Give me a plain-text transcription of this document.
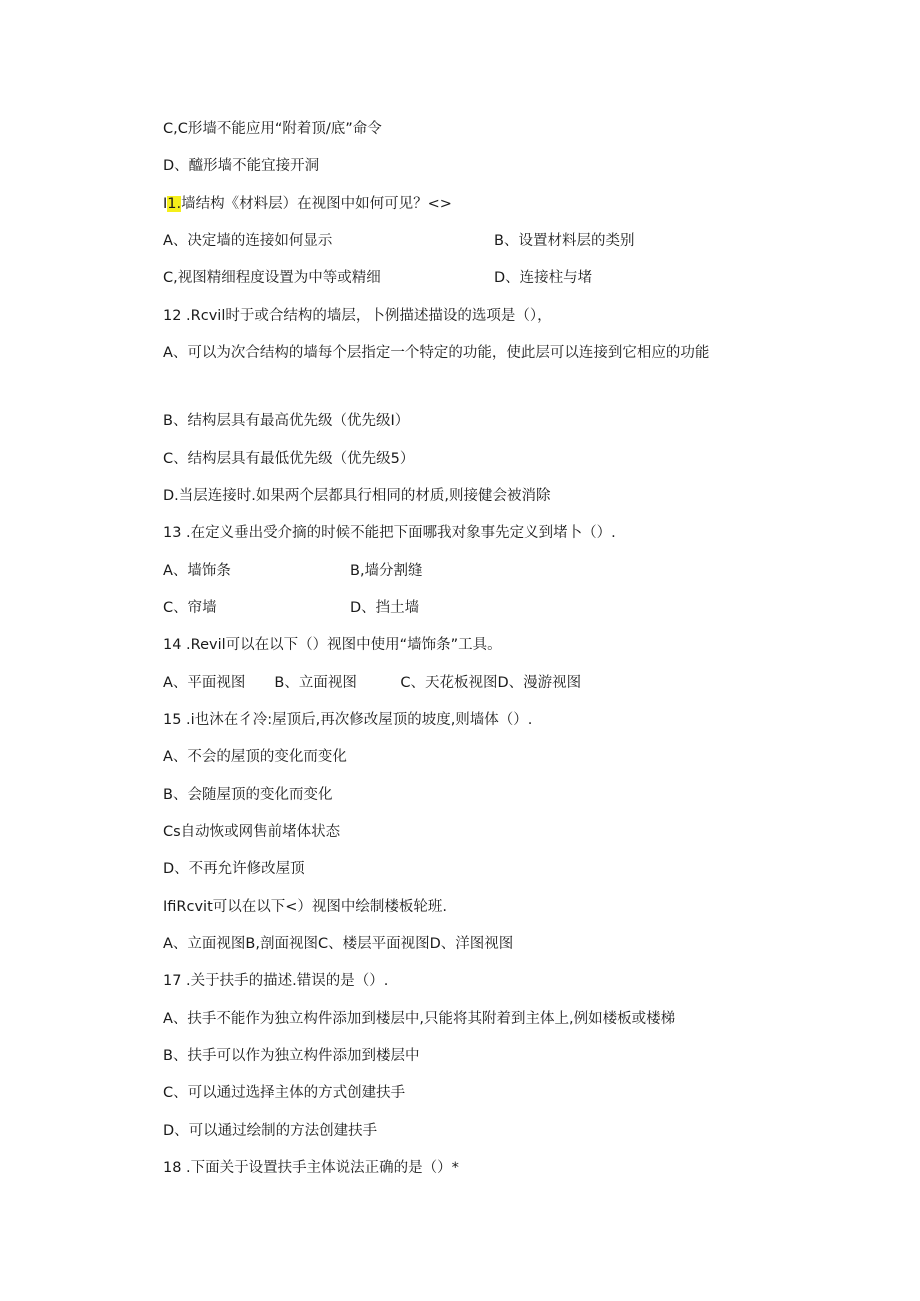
C,C形墙不能应用“附着顶/底”命令
D、醯形墙不能宜接开洞
I1.墙结构《材料层）在视图中如何可见？<>
A、决定墙的连接如何显示	B、设置材料层的类别
C,视图精细程度设置为中等或精细	D、连接柱与堵
12 .Rcvil时于或合结构的墙层，卜例描述描设的选项是（），
A、可以为次合结构的墙每个层指定一个特定的功能，使此层可以连接到它相应的功能
B、结构层具有最高优先级（优先级I）
C、结构层具有最低优先级（优先级5）
D.当层连接时.如果两个层都具行相同的材质,则接健会被消除
13 .在定义垂出受介摘的时候不能把下面哪我对象事先定义到堵卜（）.
A、墙饰条	B,墙分割缝
C、帘墙	D、挡土墙
14 .Revil可以在以下（）视图中使用“墙饰条”工具。
A、平面视图　　B、立面视图　　　C、天花板视图D、漫游视图
15 .i也沐在彳冷:屋顶后,再次修改屋顶的坡度,则墙体（）.
A、不会的屋顶的变化而变化
B、会随屋顶的变化而变化
Cs自动恢或网售前堵体状态
D、不再允许修改屋顶
IfiRcvit可以在以下<）视图中绘制楼板轮班.
A、立面视图B,剖面视图C、楼层平面视图D、洋图视图
17 .关于扶手的描述.错误的是（）.
A、扶手不能作为独立构件添加到楼层中,只能将其附着到主体上,例如楼板或楼梯
B、扶手可以作为独立构件添加到楼层中
C、可以通过选择主体的方式创建扶手
D、可以通过绘制的方法创建扶手
18 .下面关于设置扶手主体说法正确的是（）*
